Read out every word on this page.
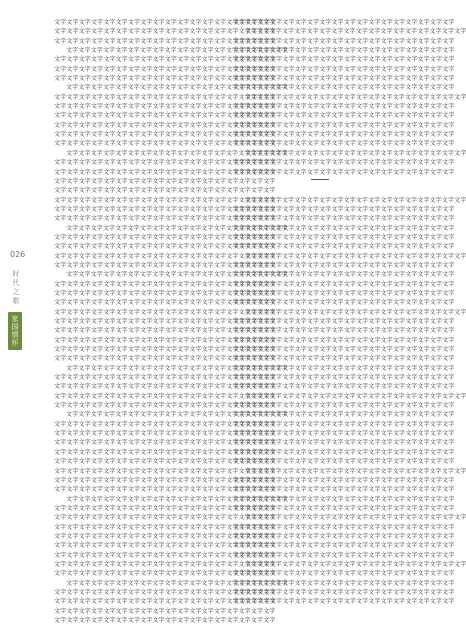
026
时代之歌
家国情怀
文字文字文字文字文字文字文字文字文字文字文字文字文字文字文字文字文字文字
文字文字文字文字文字文字文字文字文字文字文字文字文字文字文字文字文字文字
文字文字文字文字文字文字文字文字文字文字文字文字文字文字文字文字文字文字
文字文字文字文字文字文字文字文字文字文字文字文字文字文字文字文字文字文字
文字文字文字文字文字文字文字文字文字文字文字文字文字文字文字文字文字文字
文字文字文字文字文字文字文字文字文字文字文字文字文字文字文字文字文字文字
文字文字文字文字文字文字文字文字文字文字文字文字文字文字文字文字文字文字
文字文字文字文字文字文字文字文字文字文字文字文字文字文字文字文字文字文字
文字文字文字文字文字文字文字文字文字文字文字文字文字文字文字文字文字文字
文字文字文字文字文字文字文字文字文字文字文字文字文字文字文字文字文字文字
文字文字文字文字文字文字文字文字文字文字文字文字文字文字文字文字文字文字
文字文字文字文字文字文字文字文字文字文字文字文字文字文字文字文字文字文字
文字文字文字文字文字文字文字文字文字文字文字文字文字文字文字文字文字文字
文字文字文字文字文字文字文字文字文字文字文字文字文字文字文字文字文字文字
文字文字文字文字文字文字文字文字文字文字文字文字文字文字文字文字文字文字
文字文字文字文字文字文字文字文字文字文字文字文字文字文字文字文字文字文字
文字文字文字文字文字文字文字文字文字文字文字文字文字文字文字文字文字文字
文字文字文字文字文字文字文字文字文字文字文字文字文字文字文字文字文字文字
文字文字文字文字文字文字文字文字文字文字文字文字文字文字文字文字文字文字
文字文字文字文字文字文字文字文字文字文字文字文字文字文字文字文字文字文字
文字文字文字文字文字文字文字文字文字文字文字文字文字文字文字文字文字文字
文字文字文字文字文字文字文字文字文字文字文字文字文字文字文字文字文字文字
文字文字文字文字文字文字文字文字文字文字文字文字文字文字文字文字文字文字
文字文字文字文字文字文字文字文字文字文字文字文字文字文字文字文字文字文字
文字文字文字文字文字文字文字文字文字文字文字文字文字文字文字文字文字文字
文字文字文字文字文字文字文字文字文字文字文字文字文字文字文字文字文字文字
文字文字文字文字文字文字文字文字文字文字文字文字文字文字文字文字文字文字
文字文字文字文字文字文字文字文字文字文字文字文字文字文字文字文字文字文字
文字文字文字文字文字文字文字文字文字文字文字文字文字文字文字文字文字文字
文字文字文字文字文字文字文字文字文字文字文字文字文字文字文字文字文字文字
文字文字文字文字文字文字文字文字文字文字文字文字文字文字文字文字文字文字
文字文字文字文字文字文字文字文字文字文字文字文字文字文字文字文字文字文字
文字文字文字文字文字文字文字文字文字文字文字文字文字文字文字文字文字文字
文字文字文字文字文字文字文字文字文字文字文字文字文字文字文字文字文字文字
文字文字文字文字文字文字文字文字文字文字文字文字文字文字文字文字文字文字
文字文字文字文字文字文字文字文字文字文字文字文字文字文字文字文字文字文字
文字文字文字文字文字文字文字文字文字文字文字文字文字文字文字文字文字文字
文字文字文字文字文字文字文字文字文字文字文字文字文字文字文字文字文字文字
文字文字文字文字文字文字文字文字文字文字文字文字文字文字文字文字文字文字
文字文字文字文字文字文字文字文字文字文字文字文字文字文字文字文字文字文字
文字文字文字文字文字文字文字文字文字文字文字文字文字文字文字文字文字文字
文字文字文字文字文字文字文字文字文字文字文字文字文字文字文字文字文字文字
文字文字文字文字文字文字文字文字文字文字文字文字文字文字文字文字文字文字
文字文字文字文字文字文字文字文字文字文字文字文字文字文字文字文字文字文字
文字文字文字文字文字文字文字文字文字文字文字文字文字文字文字文字文字文字
文字文字文字文字文字文字文字文字文字文字文字文字文字文字文字文字文字文字
文字文字文字文字文字文字文字文字文字文字文字文字文字文字文字文字文字文字
文字文字文字文字文字文字文字文字文字文字文字文字文字文字文字文字文字文字
文字文字文字文字文字文字文字文字文字文字文字文字文字文字文字文字文字文字
文字文字文字文字文字文字文字文字文字文字文字文字文字文字文字文字文字文字
文字文字文字文字文字文字文字文字文字文字文字文字文字文字文字文字文字文字
文字文字文字文字文字文字文字文字文字文字文字文字文字文字文字文字文字文字
文字文字文字文字文字文字文字文字文字文字文字文字文字文字文字文字文字文字
文字文字文字文字文字文字文字文字文字文字文字文字文字文字文字文字文字文字
文字文字文字文字文字文字文字文字文字文字文字文字文字文字文字文字文字文字
文字文字文字文字文字文字文字文字文字文字文字文字文字文字文字文字文字文字
文字文字文字文字文字文字文字文字文字文字文字文字文字文字文字文字文字文字
文字文字文字文字文字文字文字文字文字文字文字文字文字文字文字文字文字文字
文字文字文字文字文字文字文字文字文字文字文字文字文字文字文字文字文字文字
文字文字文字文字文字文字文字文字文字文字文字文字文字文字文字文字文字文字
文字文字文字文字文字文字文字文字文字文字文字文字文字文字文字文字文字文字
文字文字文字文字文字文字文字文字文字文字文字文字文字文字文字文字文字文字
文字文字文字文字文字文字文字文字文字文字文字文字文字文字文字文字文字文字
文字文字文字文字文字文字文字文字文字文字文字文字文字文字文字文字文字文字
文字文字文字文字文字文字文字文字文字文字文字文字文字文字文字文字文字文字
文字文字文字文字文字文字文字文字文字文字文字文字文字文字文字文字文字文字
文字文字文字文字文字文字文字文字文字文字文字文字文字文字文字文字文字文字
文字文字文字文字文字文字文字文字文字文字文字文字文字文字文字文字文字文字
文字文字文字文字文字文字文字文字文字文字文字文字文字文字文字文字文字文字
文字文字文字文字文字文字文字文字文字文字文字文字文字文字文字文字文字文字
文字文字文字文字文字文字文字文字文字文字文字文字文字文字文字文字文字文字
文字文字文字文字文字文字文字文字文字文字文字文字文字文字文字文字文字文字
文字文字文字文字文字文字文字文字文字文字文字文字文字文字文字文字文字文字
文字文字文字文字文字文字文字文字文字文字文字文字文字文字文字文字文字文字
文字文字文字文字文字文字文字文字文字文字文字文字文字文字文字文字文字文字
文字文字文字文字文字文字文字文字文字文字文字文字文字文字文字文字文字文字
文字文字文字文字文字文字文字文字文字文字文字文字文字文字文字文字文字文字
文字文字文字文字文字文字文字文字文字文字文字文字文字文字文字文字文字文字
文字文字文字文字文字文字文字文字文字文字文字文字文字文字文字文字文字文字
文字文字文字文字文字文字文字文字文字文字文字文字文字文字文字文字文字文字
文字文字文字文字文字文字文字文字文字文字文字文字文字文字文字文字文字文字
文字文字文字文字文字文字文字文字文字文字文字文字文字文字文字文字文字文字
文字文字文字文字文字文字文字文字文字文字文字文字文字文字文字文字文字文字
文字文字文字文字文字文字文字文字文字文字文字文字文字文字文字文字文字文字
文字文字文字文字文字文字文字文字文字文字文字文字文字文字文字文字文字文字
文字文字文字文字文字文字文字文字文字文字文字文字文字文字文字文字文字文字
文字文字文字文字文字文字文字文字文字文字文字文字文字文字文字文字文字文字
文字文字文字文字文字文字文字文字文字文字文字文字文字文字文字文字文字文字
文字文字文字文字文字文字文字文字文字文字文字文字文字文字文字文字文字文字
文字文字文字文字文字文字文字文字文字文字文字文字文字文字文字文字文字文字
文字文字文字文字文字文字文字文字文字文字文字文字文字文字文字文字文字文字
文字文字文字文字文字文字文字文字文字文字文字文字文字文字文字文字文字文字
文字文字文字文字文字文字文字文字文字文字文字文字文字文字文字文字文字文字
文字文字文字文字文字文字文字文字文字文字文字文字文字文字文字文字文字文字
文字文字文字文字文字文字文字文字文字文字文字文字文字文字文字文字文字文字
文字文字文字文字文字文字文字文字文字文字文字文字文字文字文字文字文字文字
文字文字文字文字文字文字文字文字文字文字文字文字文字文字文字文字文字文字
文字文字文字文字文字文字文字文字文字文字文字文字文字文字文字文字文字文字
文字文字文字文字文字文字文字文字文字文字文字文字文字文字文字文字文字文字
文字文字文字文字文字文字文字文字文字文字文字文字文字文字文字文字文字文字
文字文字文字文字文字文字文字文字文字文字文字文字文字文字文字文字文字文字
文字文字文字文字文字文字文字文字文字文字文字文字文字文字文字文字文字文字
文字文字文字文字文字文字文字文字文字文字文字文字文字文字文字文字文字文字
文字文字文字文字文字文字文字文字文字文字文字文字文字文字文字文字文字文字
文字文字文字文字文字文字文字文字文字文字文字文字文字文字文字文字文字文字
文字文字文字文字文字文字文字文字文字文字文字文字文字文字文字文字文字文字
文字文字文字文字文字文字文字文字文字文字文字文字文字文字文字文字文字文字
文字文字文字文字文字文字文字文字文字文字文字文字文字文字文字文字文字文字
文字文字文字文字文字文字文字文字文字文字文字文字文字文字文字文字文字文字
文字文字文字文字文字文字文字文字文字文字文字文字文字文字文字文字文字文字
文字文字文字文字文字文字文字文字文字文字文字文字文字文字文字文字文字文字
文字文字文字文字文字文字文字文字文字文字文字文字文字文字文字文字文字文字
文字文字文字文字文字文字文字文字文字文字文字文字文字文字文字文字文字文字
文字文字文字文字文字文字文字文字文字文字文字文字文字文字文字文字文字文字
文字文字文字文字文字文字文字文字文字文字文字文字文字文字文字文字文字文字
文字文字文字文字文字文字文字文字文字文字文字文字文字文字文字文字文字文字
文字文字文字文字文字文字文字文字文字文字文字文字文字文字文字文字文字文字
文字文字文字文字文字文字文字文字文字文字文字文字文字文字文字文字文字文字
文字文字文字文字文字文字文字文字文字文字文字文字文字文字文字文字文字文字
文字文字文字文字文字文字文字文字文字文字文字文字文字文字文字文字文字文字
文字文字文字文字文字文字文字文字文字文字文字文字文字文字文字文字文字文字
文字文字文字文字文字文字文字文字文字文字文字文字文字文字文字文字文字文字
文字文字文字文字文字文字文字文字文字文字文字文字文字文字文字文字文字文字
文字文字文字文字文字文字文字文字文字文字文字文字文字文字文字文字文字文字
文字文字文字文字文字文字文字文字文字文字文字文字文字文字文字文字文字文字
文字文字文字文字文字文字文字文字文字文字文字文字文字文字文字文字文字文字
